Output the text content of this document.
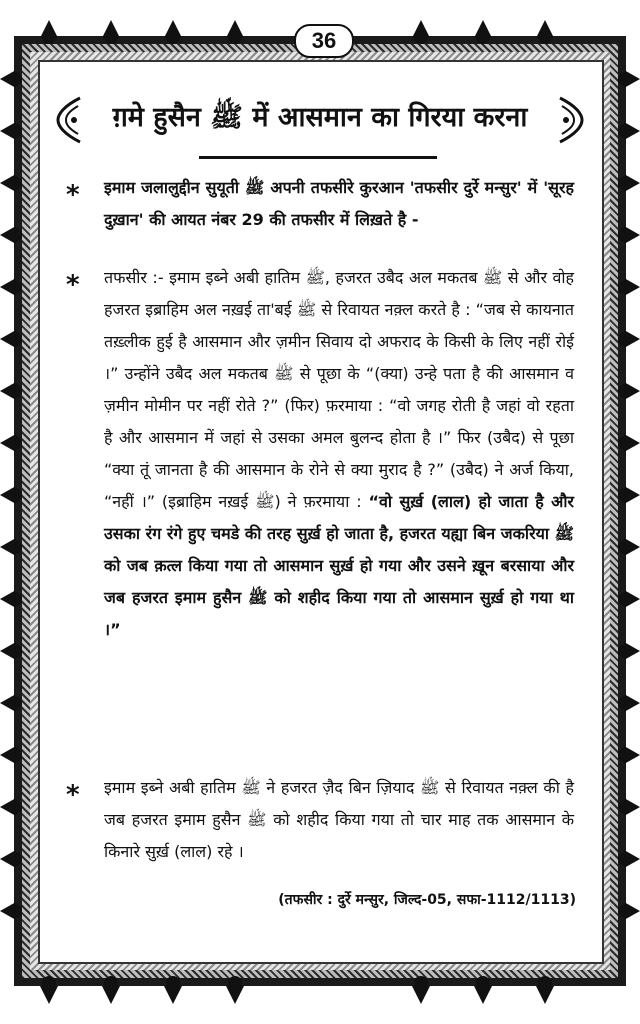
36
ग़मे हुसैन ﷺ में आसमान का गिरया करना
* इमाम जलालुद्दीन सुयूती ﷺ अपनी तफसीरे कुरआन 'तफसीर दुर्रे मन्सुर' में 'सूरह दुख़ान' की आयत नंबर 29 की तफसीर में लिख़ते है -
* तफसीर :- इमाम इब्ने अबी हातिम ﷺ, हजरत उबैद अल मकतब ﷺ से और वोह हजरत इब्राहिम अल नख़ई ता'बई ﷺ से रिवायत नक़्ल करते है : “जब से कायनात तख़्लीक हुई है आसमान और ज़मीन सिवाय दो अफराद के किसी के लिए नहीं रोई ।” उन्होंने उबैद अल मकतब ﷺ से पूछा के “(क्या) उन्हे पता है की आसमान व ज़मीन मोमीन पर नहीं रोते ?” (फिर) फ़रमाया : “वो जगह रोती है जहां वो रहता है और आसमान में जहां से उसका अमल बुलन्द होता है ।” फिर (उबैद) से पूछा “क्या तूं जानता है की आसमान के रोने से क्या मुराद है ?” (उबैद) ने अर्ज किया, “नहीं ।” (इब्राहिम नख़ई ﷺ) ने फ़रमाया : “वो सुर्ख़ (लाल) हो जाता है और उसका रंग रंगे हुए चमडे की तरह सुर्ख़ हो जाता है, हजरत यह्या बिन जकरिया ﷺ को जब क़त्ल किया गया तो आसमान सुर्ख़ हो गया और उसने ख़ून बरसाया और जब हजरत इमाम हुसैन ﷺ को शहीद किया गया तो आसमान सुर्ख़ हो गया था ।”
* इमाम इब्ने अबी हातिम ﷺ ने हजरत ज़ैद बिन ज़ियाद ﷺ से रिवायत नक़्ल की है जब हजरत इमाम हुसैन ﷺ को शहीद किया गया तो चार माह तक आसमान के किनारे सुर्ख़ (लाल) रहे ।
(तफसीर : दुर्रे मन्सुर, जिल्द-05, सफा-1112/1113)
